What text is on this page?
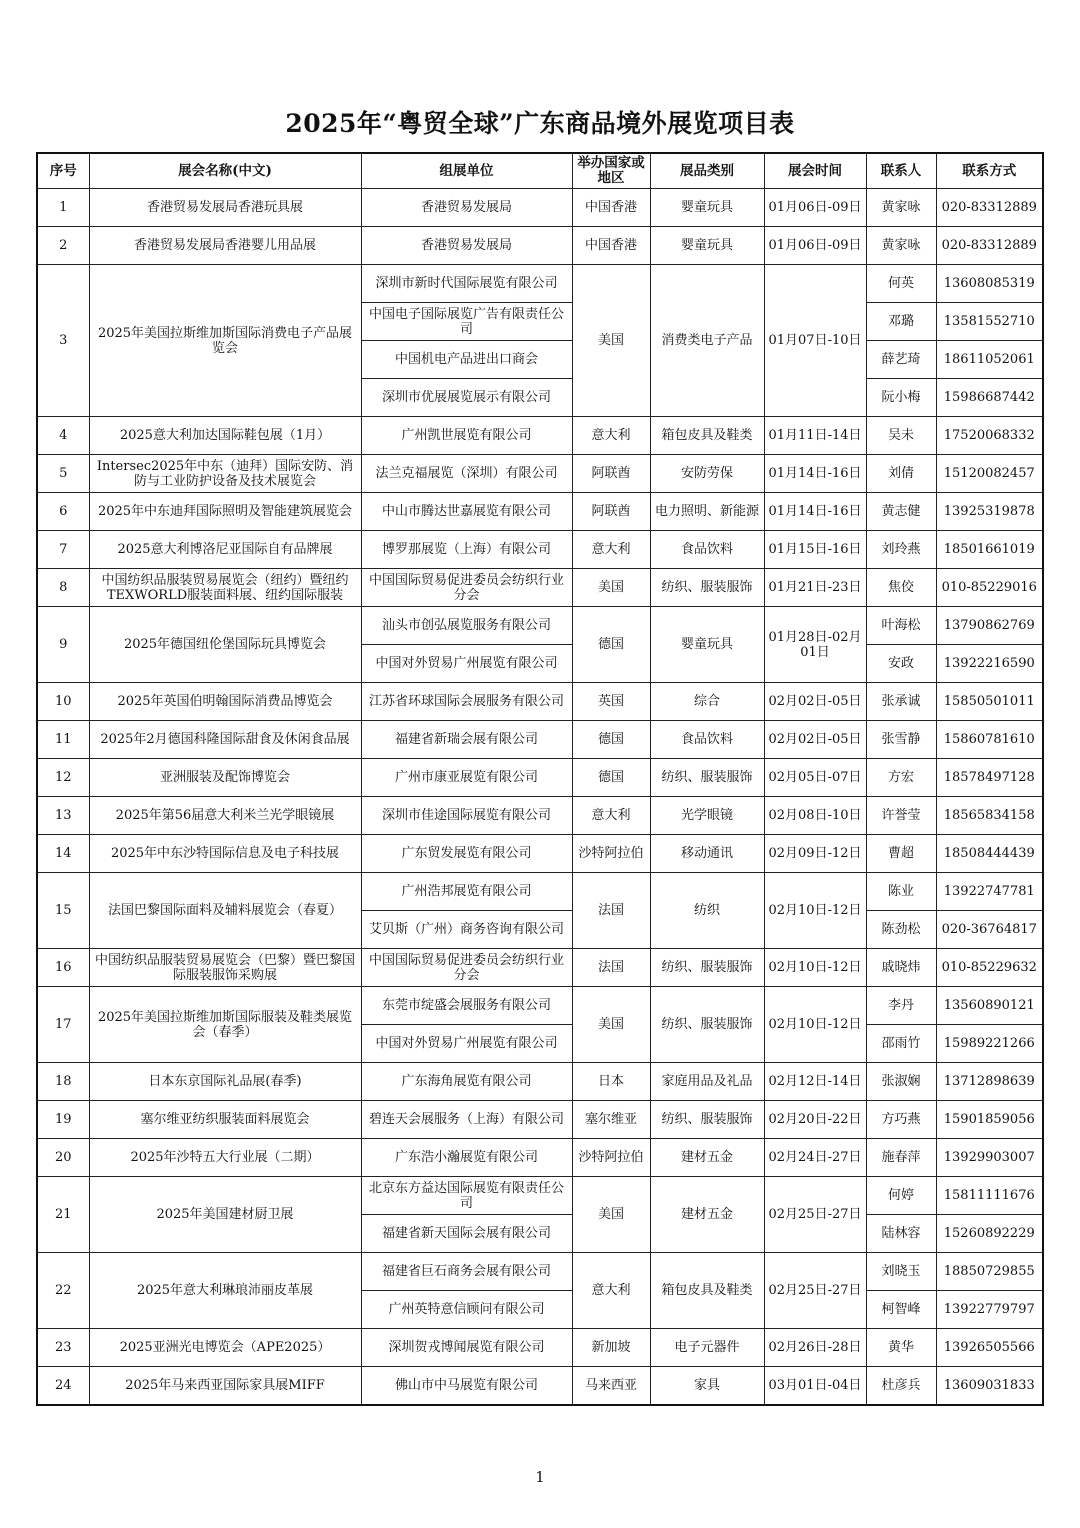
2025年“粤贸全球”广东商品境外展览项目表
序号	展会名称(中文)	组展单位	举办国家或地区	展品类别	展会时间	联系人	联系方式
1	香港贸易发展局香港玩具展	香港贸易发展局	中国香港	婴童玩具	01月06日-09日	黄家咏	020-83312889
2	香港贸易发展局香港婴儿用品展	香港贸易发展局	中国香港	婴童玩具	01月06日-09日	黄家咏	020-83312889
3	2025年美国拉斯维加斯国际消费电子产品展览会	深圳市新时代国际展览有限公司	美国	消费类电子产品	01月07日-10日	何英	13608085319
		中国电子国际展览广告有限责任公司				邓璐	13581552710
		中国机电产品进出口商会				薛艺琦	18611052061
		深圳市优展展览展示有限公司				阮小梅	15986687442
4	2025意大利加达国际鞋包展（1月）	广州凯世展览有限公司	意大利	箱包皮具及鞋类	01月11日-14日	吴未	17520068332
5	Intersec2025年中东（迪拜）国际安防、消防与工业防护设备及技术展览会	法兰克福展览（深圳）有限公司	阿联酋	安防劳保	01月14日-16日	刘倩	15120082457
6	2025年中东迪拜国际照明及智能建筑展览会	中山市腾达世嘉展览有限公司	阿联酋	电力照明、新能源	01月14日-16日	黄志健	13925319878
7	2025意大利博洛尼亚国际自有品牌展	博罗那展览（上海）有限公司	意大利	食品饮料	01月15日-16日	刘玲燕	18501661019
8	中国纺织品服装贸易展览会（纽约）暨纽约TEXWORLD服装面料展、纽约国际服装	中国国际贸易促进委员会纺织行业分会	美国	纺织、服装服饰	01月21日-23日	焦佼	010-85229016
9	2025年德国纽伦堡国际玩具博览会	汕头市创弘展览服务有限公司	德国	婴童玩具	01月28日-02月01日	叶海松	13790862769
		中国对外贸易广州展览有限公司				安政	13922216590
10	2025年英国伯明翰国际消费品博览会	江苏省环球国际会展服务有限公司	英国	综合	02月02日-05日	张承诚	15850501011
11	2025年2月德国科隆国际甜食及休闲食品展	福建省新瑞会展有限公司	德国	食品饮料	02月02日-05日	张雪静	15860781610
12	亚洲服装及配饰博览会	广州市康亚展览有限公司	德国	纺织、服装服饰	02月05日-07日	方宏	18578497128
13	2025年第56届意大利米兰光学眼镜展	深圳市佳途国际展览有限公司	意大利	光学眼镜	02月08日-10日	许誉莹	18565834158
14	2025年中东沙特国际信息及电子科技展	广东贸发展览有限公司	沙特阿拉伯	移动通讯	02月09日-12日	曹超	18508444439
15	法国巴黎国际面料及辅料展览会（春夏）	广州浩邦展览有限公司	法国	纺织	02月10日-12日	陈业	13922747781
		艾贝斯（广州）商务咨询有限公司				陈劲松	020-36764817
16	中国纺织品服装贸易展览会（巴黎）暨巴黎国际服装服饰采购展	中国国际贸易促进委员会纺织行业分会	法国	纺织、服装服饰	02月10日-12日	戚晓炜	010-85229632
17	2025年美国拉斯维加斯国际服装及鞋类展览会（春季）	东莞市绽盛会展服务有限公司	美国	纺织、服装服饰	02月10日-12日	李丹	13560890121
		中国对外贸易广州展览有限公司				邵雨竹	15989221266
18	日本东京国际礼品展(春季)	广东海角展览有限公司	日本	家庭用品及礼品	02月12日-14日	张淑娴	13712898639
19	塞尔维亚纺织服装面料展览会	碧连天会展服务（上海）有限公司	塞尔维亚	纺织、服装服饰	02月20日-22日	方巧燕	15901859056
20	2025年沙特五大行业展（二期）	广东浩小瀚展览有限公司	沙特阿拉伯	建材五金	02月24日-27日	施春萍	13929903007
21	2025年美国建材厨卫展	北京东方益达国际展览有限责任公司	美国	建材五金	02月25日-27日	何婷	15811111676
		福建省新天国际会展有限公司				陆林容	15260892229
22	2025年意大利琳琅沛丽皮革展	福建省巨石商务会展有限公司	意大利	箱包皮具及鞋类	02月25日-27日	刘晓玉	18850729855
		广州英特意信顾问有限公司				柯智峰	13922779797
23	2025亚洲光电博览会（APE2025）	深圳贺戎博闻展览有限公司	新加坡	电子元器件	02月26日-28日	黄华	13926505566
24	2025年马来西亚国际家具展MIFF	佛山市中马展览有限公司	马来西亚	家具	03月01日-04日	杜彦兵	13609031833
1
